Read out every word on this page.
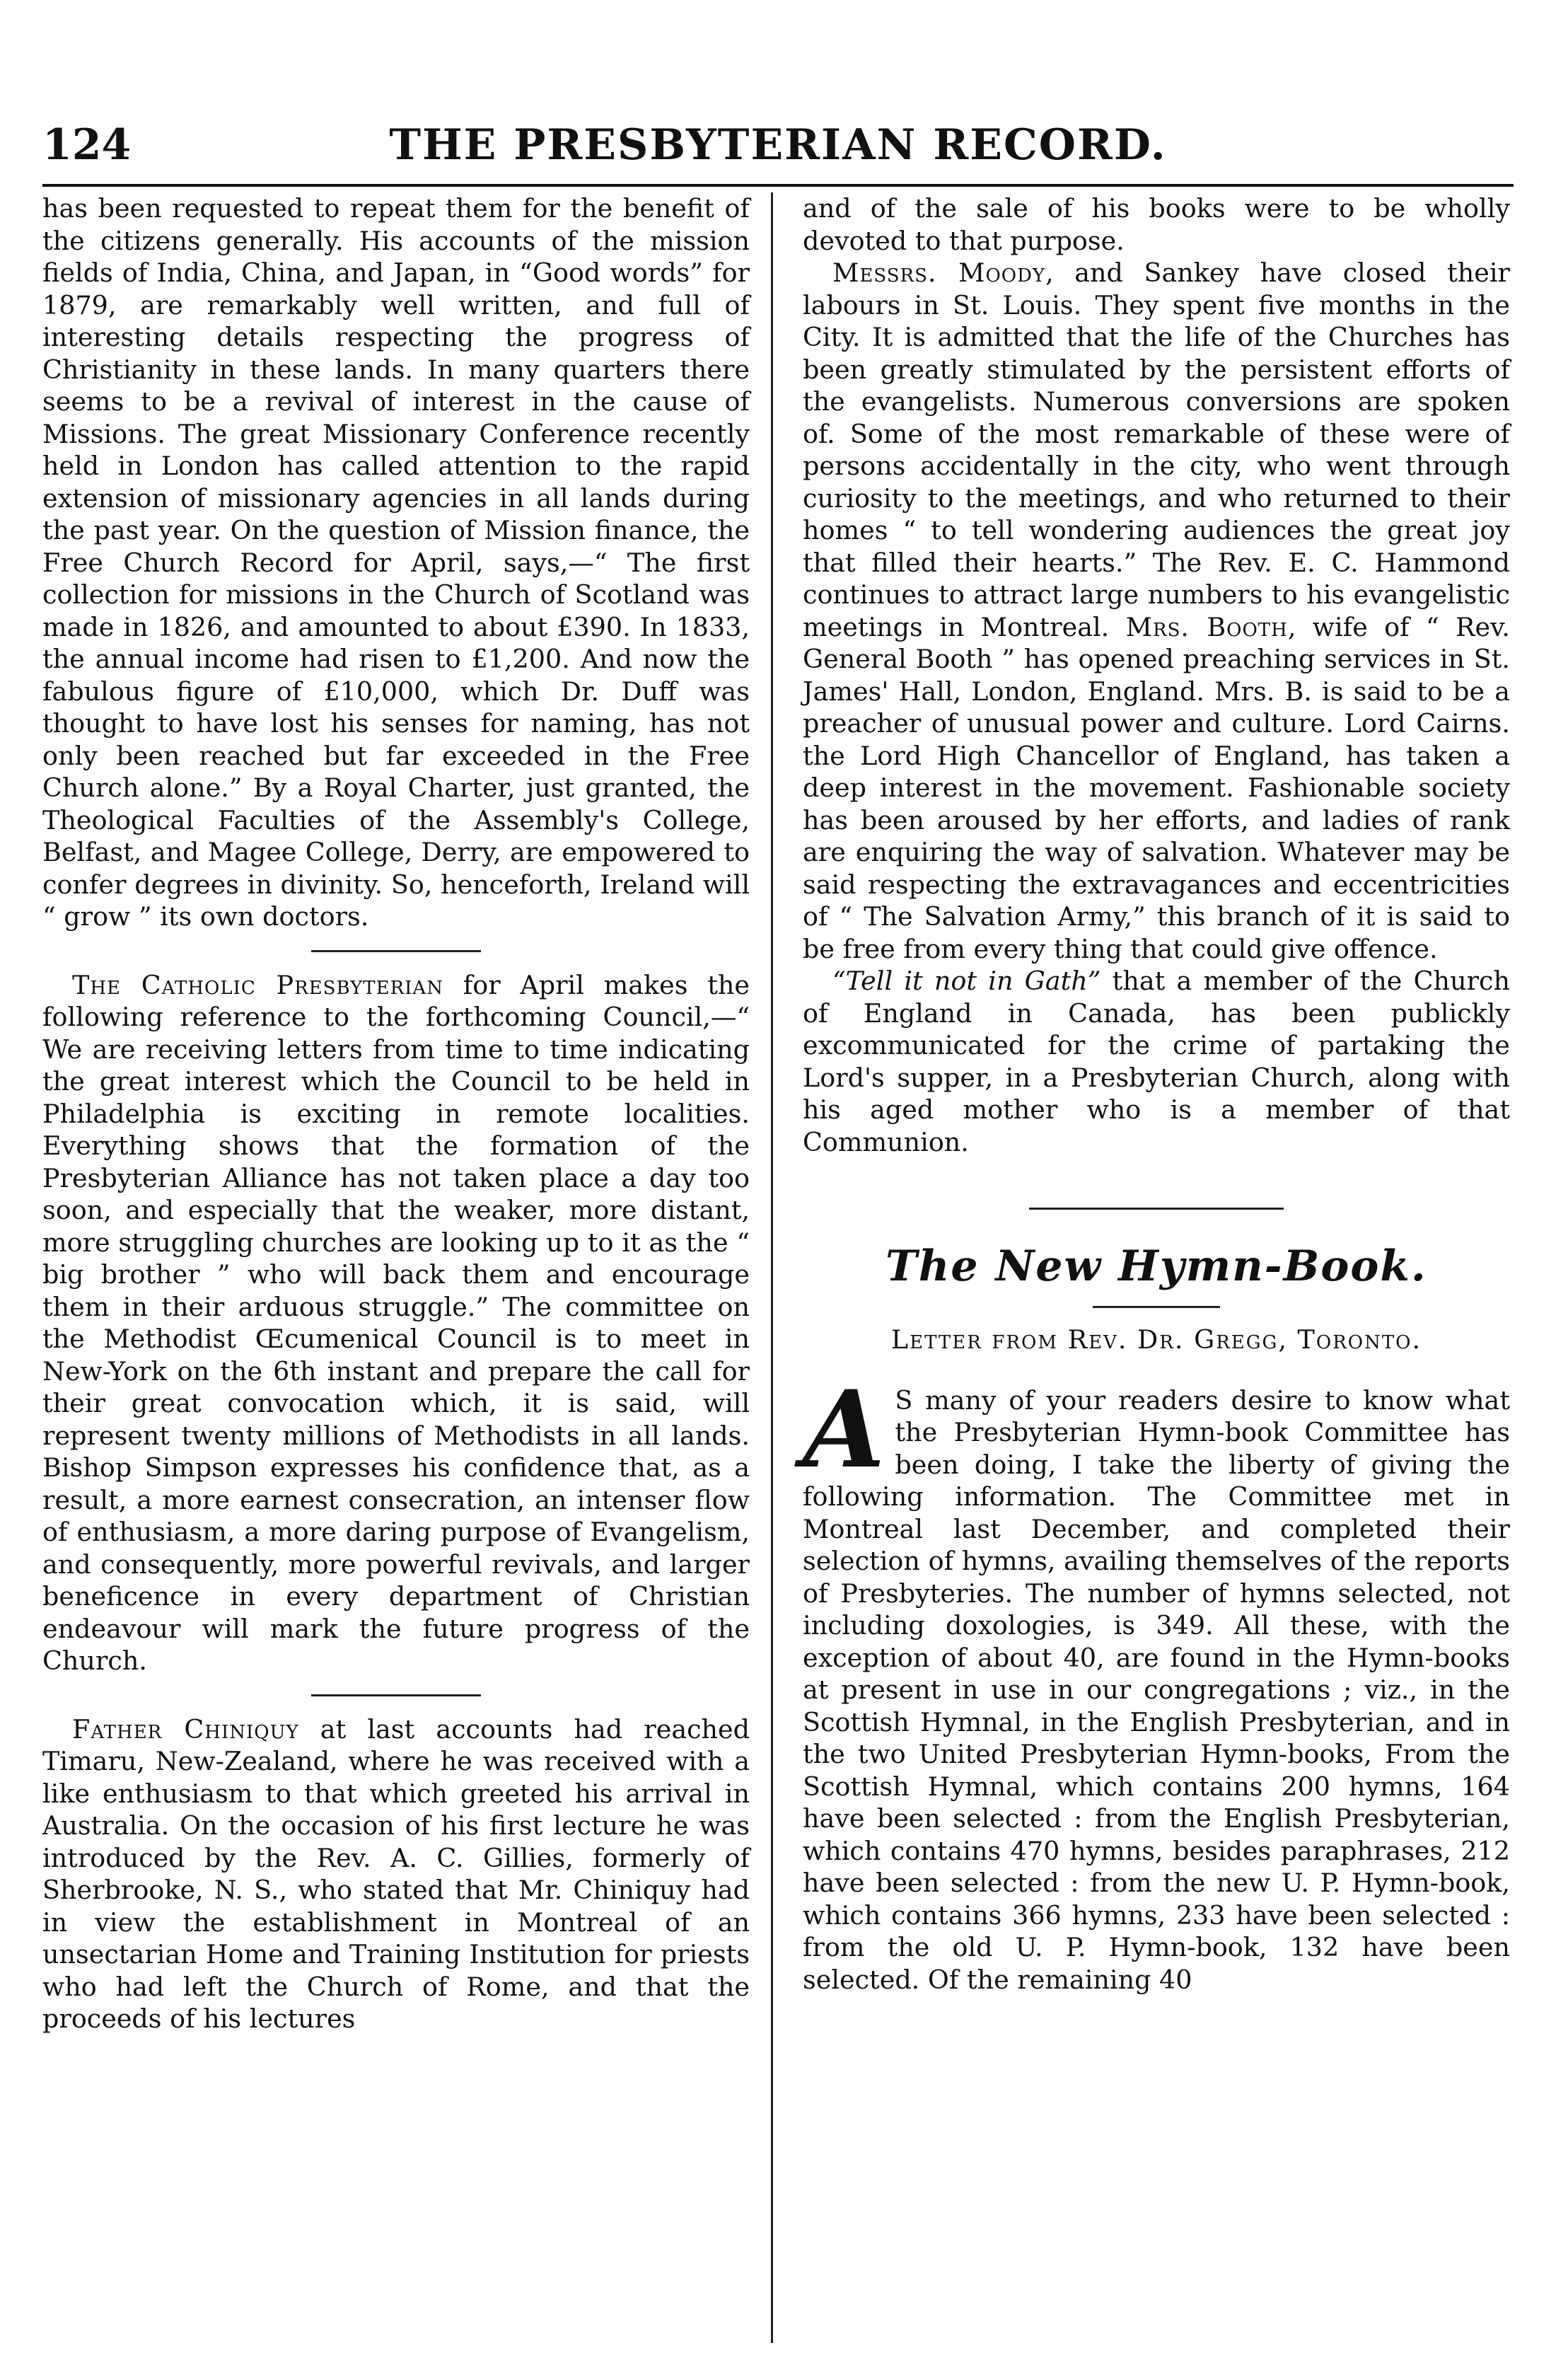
124	THE PRESBYTERIAN RECORD.

has been requested to repeat them for the benefit of the citizens generally. His accounts of the mission fields of India, China, and Japan, in “Good words” for 1879, are remarkably well written, and full of interesting details respecting the progress of Christianity in these lands. In many quarters there seems to be a revival of interest in the cause of Missions. The great Missionary Conference recently held in London has called attention to the rapid extension of missionary agencies in all lands during the past year. On the question of Mission finance, the Free Church Record for April, says,—“ The first collection for missions in the Church of Scotland was made in 1826, and amounted to about £390. In 1833, the annual income had risen to £1,200. And now the fabulous figure of £10,000, which Dr. Duff was thought to have lost his senses for naming, has not only been reached but far exceeded in the Free Church alone.” By a Royal Charter, just granted, the Theological Faculties of the Assembly's College, Belfast, and Magee College, Derry, are empowered to confer degrees in divinity. So, henceforth, Ireland will “ grow ” its own doctors.

The Catholic Presbyterian for April makes the following reference to the forthcoming Council,—“ We are receiving letters from time to time indicating the great interest which the Council to be held in Philadelphia is exciting in remote localities. Everything shows that the formation of the Presbyterian Alliance has not taken place a day too soon, and especially that the weaker, more distant, more struggling churches are looking up to it as the “ big brother ” who will back them and encourage them in their arduous struggle.” The committee on the Methodist Œcumenical Council is to meet in New-York on the 6th instant and prepare the call for their great convocation which, it is said, will represent twenty millions of Methodists in all lands. Bishop Simpson expresses his confidence that, as a result, a more earnest consecration, an intenser flow of enthusiasm, a more daring purpose of Evangelism, and consequently, more powerful revivals, and larger beneficence in every department of Christian endeavour will mark the future progress of the Church.

Father Chiniquy at last accounts had reached Timaru, New-Zealand, where he was received with a like enthusiasm to that which greeted his arrival in Australia. On the occasion of his first lecture he was introduced by the Rev. A. C. Gillies, formerly of Sherbrooke, N. S., who stated that Mr. Chiniquy had in view the establishment in Montreal of an unsectarian Home and Training Institution for priests who had left the Church of Rome, and that the proceeds of his lectures

and of the sale of his books were to be wholly devoted to that purpose.

Messrs. Moody, and Sankey have closed their labours in St. Louis. They spent five months in the City. It is admitted that the life of the Churches has been greatly stimulated by the persistent efforts of the evangelists. Numerous conversions are spoken of. Some of the most remarkable of these were of persons accidentally in the city, who went through curiosity to the meetings, and who returned to their homes “ to tell wondering audiences the great joy that filled their hearts.” The Rev. E. C. Hammond continues to attract large numbers to his evangelistic meetings in Montreal. Mrs. Booth, wife of “ Rev. General Booth ” has opened preaching services in St. James' Hall, London, England. Mrs. B. is said to be a preacher of unusual power and culture. Lord Cairns. the Lord High Chancellor of England, has taken a deep interest in the movement. Fashionable society has been aroused by her efforts, and ladies of rank are enquiring the way of salvation. Whatever may be said respecting the extravagances and eccentricities of “ The Salvation Army,” this branch of it is said to be free from every thing that could give offence.

“Tell it not in Gath” that a member of the Church of England in Canada, has been publickly excommunicated for the crime of partaking the Lord's supper, in a Presbyterian Church, along with his aged mother who is a member of that Communion.

The New Hymn-Book.
Letter from Rev. Dr. Gregg, Toronto.

A S many of your readers desire to know what the Presbyterian Hymn-book Committee has been doing, I take the liberty of giving the following information. The Committee met in Montreal last December, and completed their selection of hymns, availing themselves of the reports of Presbyteries. The number of hymns selected, not including doxologies, is 349. All these, with the exception of about 40, are found in the Hymn-books at present in use in our congregations ; viz., in the Scottish Hymnal, in the English Presbyterian, and in the two United Presbyterian Hymn-books, From the Scottish Hymnal, which contains 200 hymns, 164 have been selected : from the English Presbyterian, which contains 470 hymns, besides paraphrases, 212 have been selected : from the new U. P. Hymn-book, which contains 366 hymns, 233 have been selected : from the old U. P. Hymn-book, 132 have been selected. Of the remaining 40
